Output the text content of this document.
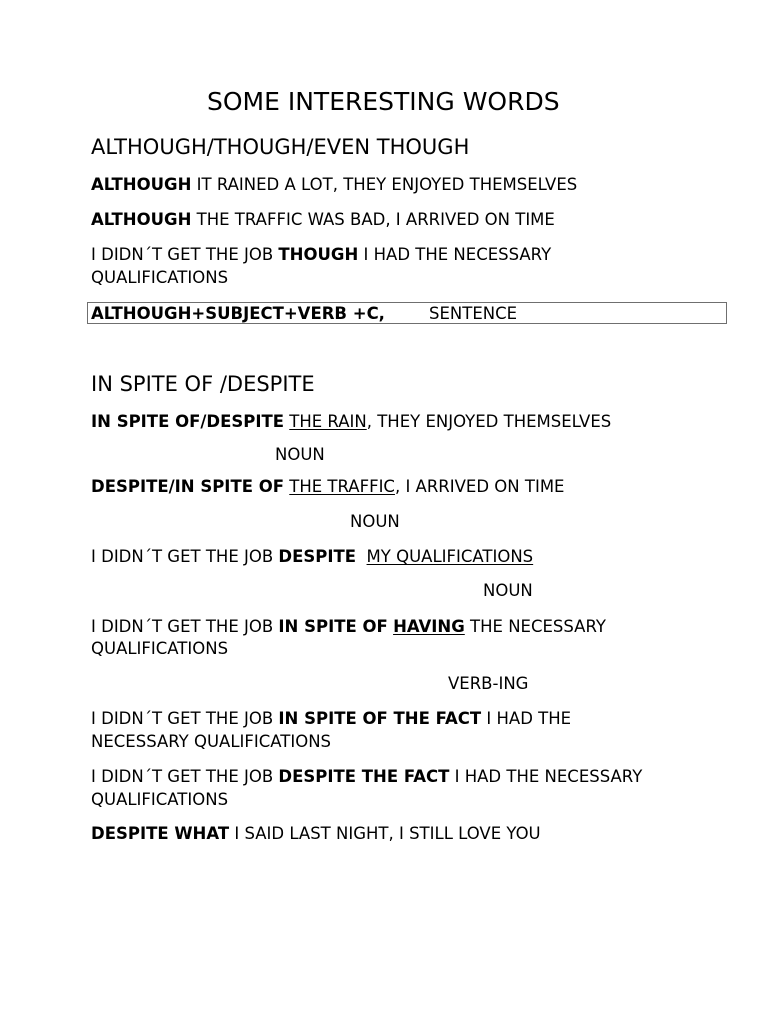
SOME INTERESTING WORDS
ALTHOUGH/THOUGH/EVEN THOUGH

ALTHOUGH IT RAINED A LOT, THEY ENJOYED THEMSELVES

ALTHOUGH THE TRAFFIC WAS BAD, I ARRIVED ON TIME

I DIDN´T GET THE JOB THOUGH I HAD THE NECESSARY

QUALIFICATIONS

ALTHOUGH+SUBJECT+VERB +C,	SENTENCE

IN SPITE OF /DESPITE

IN SPITE OF/DESPITE THE RAIN, THEY ENJOYED THEMSELVES

NOUN

DESPITE/IN SPITE OF THE TRAFFIC, I ARRIVED ON TIME

NOUN

I DIDN´T GET THE JOB DESPITE MY QUALIFICATIONS

NOUN

I DIDN´T GET THE JOB IN SPITE OF HAVING THE NECESSARY

QUALIFICATIONS

VERB-ING

I DIDN´T GET THE JOB IN SPITE OF THE FACT I HAD THE

NECESSARY QUALIFICATIONS

I DIDN´T GET THE JOB DESPITE THE FACT I HAD THE NECESSARY

QUALIFICATIONS

DESPITE WHAT I SAID LAST NIGHT, I STILL LOVE YOU
